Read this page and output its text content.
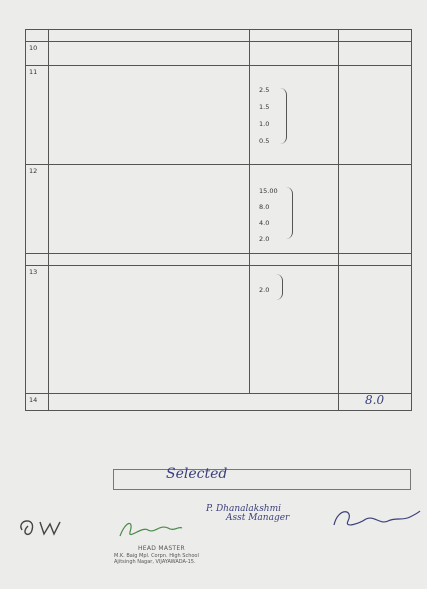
10	

11		2.5
1.5
1.0
0.5	

12		15.00
8.0
4.0
2.0	

13		2.0	

14			8.0
Selected
P. Dhanalakshmi
Asst Manager
HEAD MASTER
M.K. Baig Mpl. Corpn. High School
Ajitsingh Nagar, VIJAYAWADA-15.
